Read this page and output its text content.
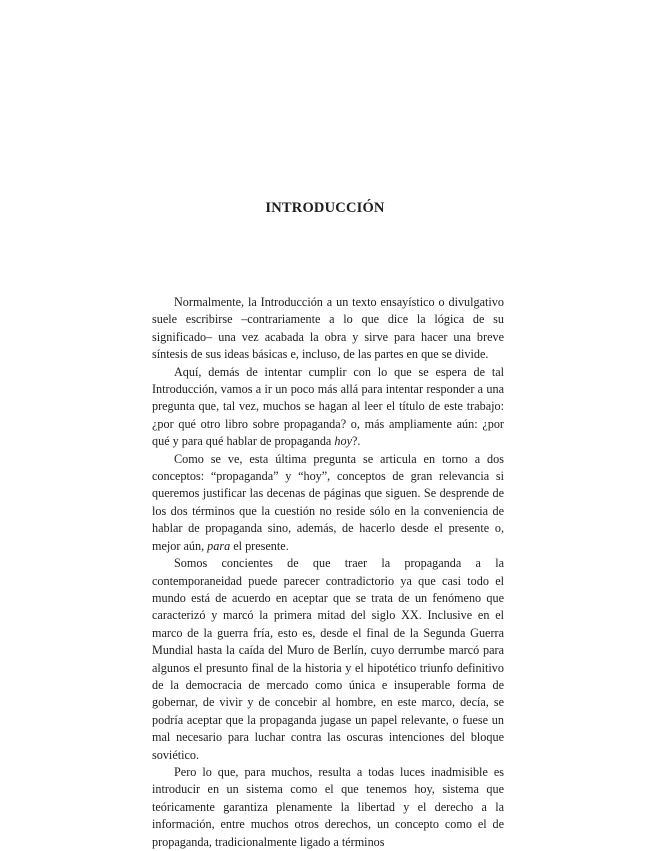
INTRODUCCIÓN

Normalmente, la Introducción a un texto ensayístico o divulgativo suele escribirse –contrariamente a lo que dice la lógica de su significado– una vez acabada la obra y sirve para hacer una breve síntesis de sus ideas básicas e, incluso, de las partes en que se divide.

Aquí, demás de intentar cumplir con lo que se espera de tal Introducción, vamos a ir un poco más allá para intentar responder a una pregunta que, tal vez, muchos se hagan al leer el título de este trabajo: ¿por qué otro libro sobre propaganda? o, más ampliamente aún: ¿por qué y para qué hablar de propaganda hoy?.

Como se ve, esta última pregunta se articula en torno a dos conceptos: “propaganda” y “hoy”, conceptos de gran relevancia si queremos justificar las decenas de páginas que siguen. Se desprende de los dos términos que la cuestión no reside sólo en la conveniencia de hablar de propaganda sino, además, de hacerlo desde el presente o, mejor aún, para el presente.

Somos concientes de que traer la propaganda a la contemporaneidad puede parecer contradictorio ya que casi todo el mundo está de acuerdo en aceptar que se trata de un fenómeno que caracterizó y marcó la primera mitad del siglo XX. Inclusive en el marco de la guerra fría, esto es, desde el final de la Segunda Guerra Mundial hasta la caída del Muro de Berlín, cuyo derrumbe marcó para algunos el presunto final de la historia y el hipotético triunfo definitivo de la democracia de mercado como única e insuperable forma de gobernar, de vivir y de concebir al hombre, en este marco, decía, se podría aceptar que la propaganda jugase un papel relevante, o fuese un mal necesario para luchar contra las oscuras intenciones del bloque soviético.

Pero lo que, para muchos, resulta a todas luces inadmisible es introducir en un sistema como el que tenemos hoy, sistema que teóricamente garantiza plenamente la libertad y el derecho a la información, entre muchos otros derechos, un concepto como el de propaganda, tradicionalmente ligado a términos
